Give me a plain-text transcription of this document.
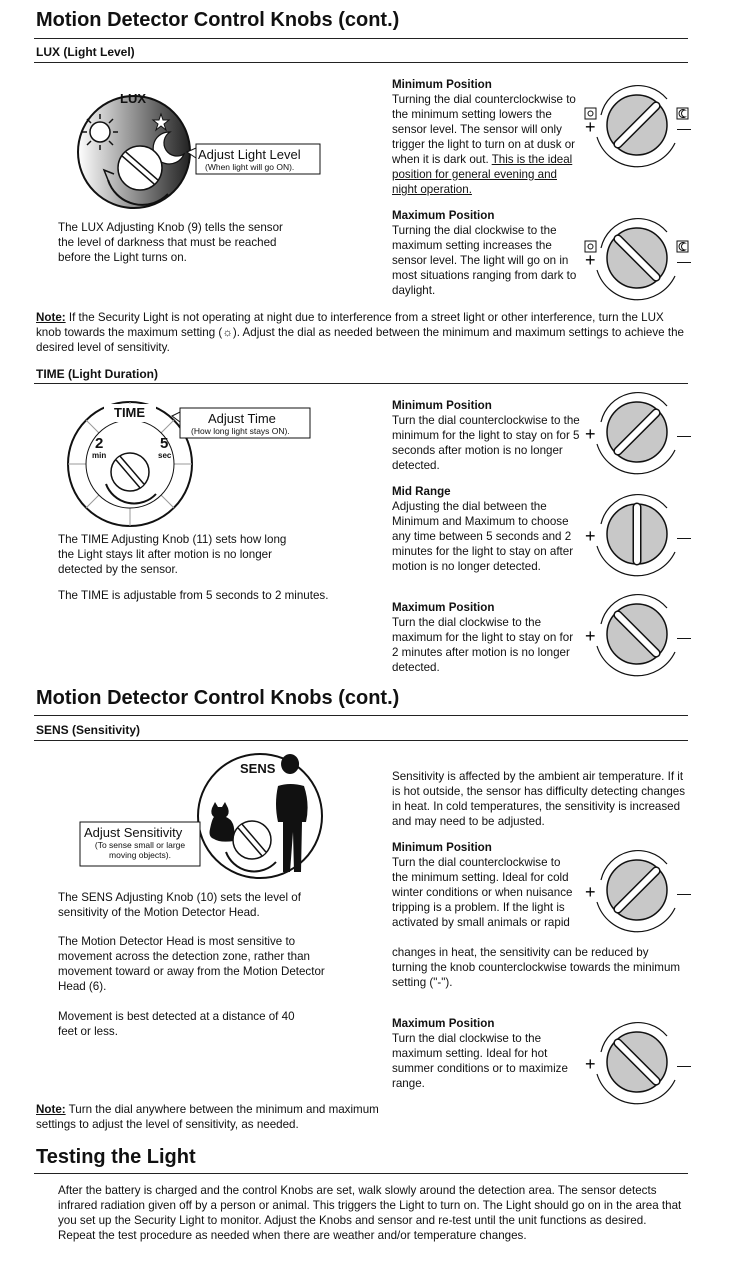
Motion Detector Control Knobs (cont.)
LUX (Light Level)
LUX
Adjust Light Level
(When light will go ON).

The LUX Adjusting Knob (9) tells the sensor the level of darkness that must be reached before the Light turns on.

Minimum Position
Turning the dial counterclockwise to the minimum setting lowers the sensor level. The sensor will only trigger the light to turn on at dusk or when it is dark out. This is the ideal position for general evening and night operation.
Maximum Position
Turning the dial clockwise to the maximum setting increases the sensor level. The light will go on in most situations ranging from dark to daylight.

Note: If the Security Light is not operating at night due to interference from a street light or other interference, turn the LUX knob towards the maximum setting (☼). Adjust the dial as needed between the minimum and maximum settings to achieve the desired level of sensitivity.

TIME (Light Duration)
TIME
2
min
5
sec
Adjust Time
(How long light stays ON).

The TIME Adjusting Knob (11) sets how long the Light stays lit after motion is no longer detected by the sensor.

The TIME is adjustable from 5 seconds to 2 minutes.

Minimum Position
Turn the dial counterclockwise to the minimum for the light to stay on for 5 seconds after motion is no longer detected.
Mid Range
Adjusting the dial between the Minimum and Maximum to choose any time between 5 seconds and 2 minutes for the light to stay on after motion is no longer detected.
Maximum Position
Turn the dial clockwise to the maximum for the light to stay on for 2 minutes after motion is no longer detected.
Motion Detector Control Knobs (cont.)
SENS (Sensitivity)
SENS
Adjust Sensitivity
(To sense small or large moving objects).

The SENS Adjusting Knob (10) sets the level of sensitivity of the Motion Detector Head.

The Motion Detector Head is most sensitive to movement across the detection zone, rather than movement toward or away from the Motion Detector Head (6).

Movement is best detected at a distance of 40 feet or less.

Sensitivity is affected by the ambient air temperature. If it is hot outside, the sensor has difficulty detecting changes in heat. In cold temperatures, the sensitivity is increased and may need to be adjusted.

Minimum Position
Turn the dial counterclockwise to the minimum setting. Ideal for cold winter conditions or when nuisance tripping is a problem. If the light is activated by small animals or rapid

changes in heat, the sensitivity can be reduced by turning the knob counterclockwise towards the minimum setting ("-").

Maximum Position
Turn the dial clockwise to the maximum setting. Ideal for hot summer conditions or to maximize range.

Note: Turn the dial anywhere between the minimum and maximum settings to adjust the level of sensitivity, as needed.

Testing the Light

After the battery is charged and the control Knobs are set, walk slowly around the detection area. The sensor detects infrared radiation given off by a person or animal. This triggers the Light to turn on. The Light should go on in the area that you set up the Security Light to monitor. Adjust the Knobs and sensor and re-test until the unit functions as desired. Repeat the test procedure as needed when there are weather and/or temperature changes.

+	—
+	—
+	—
+	—
+	—
+	—
+	—
